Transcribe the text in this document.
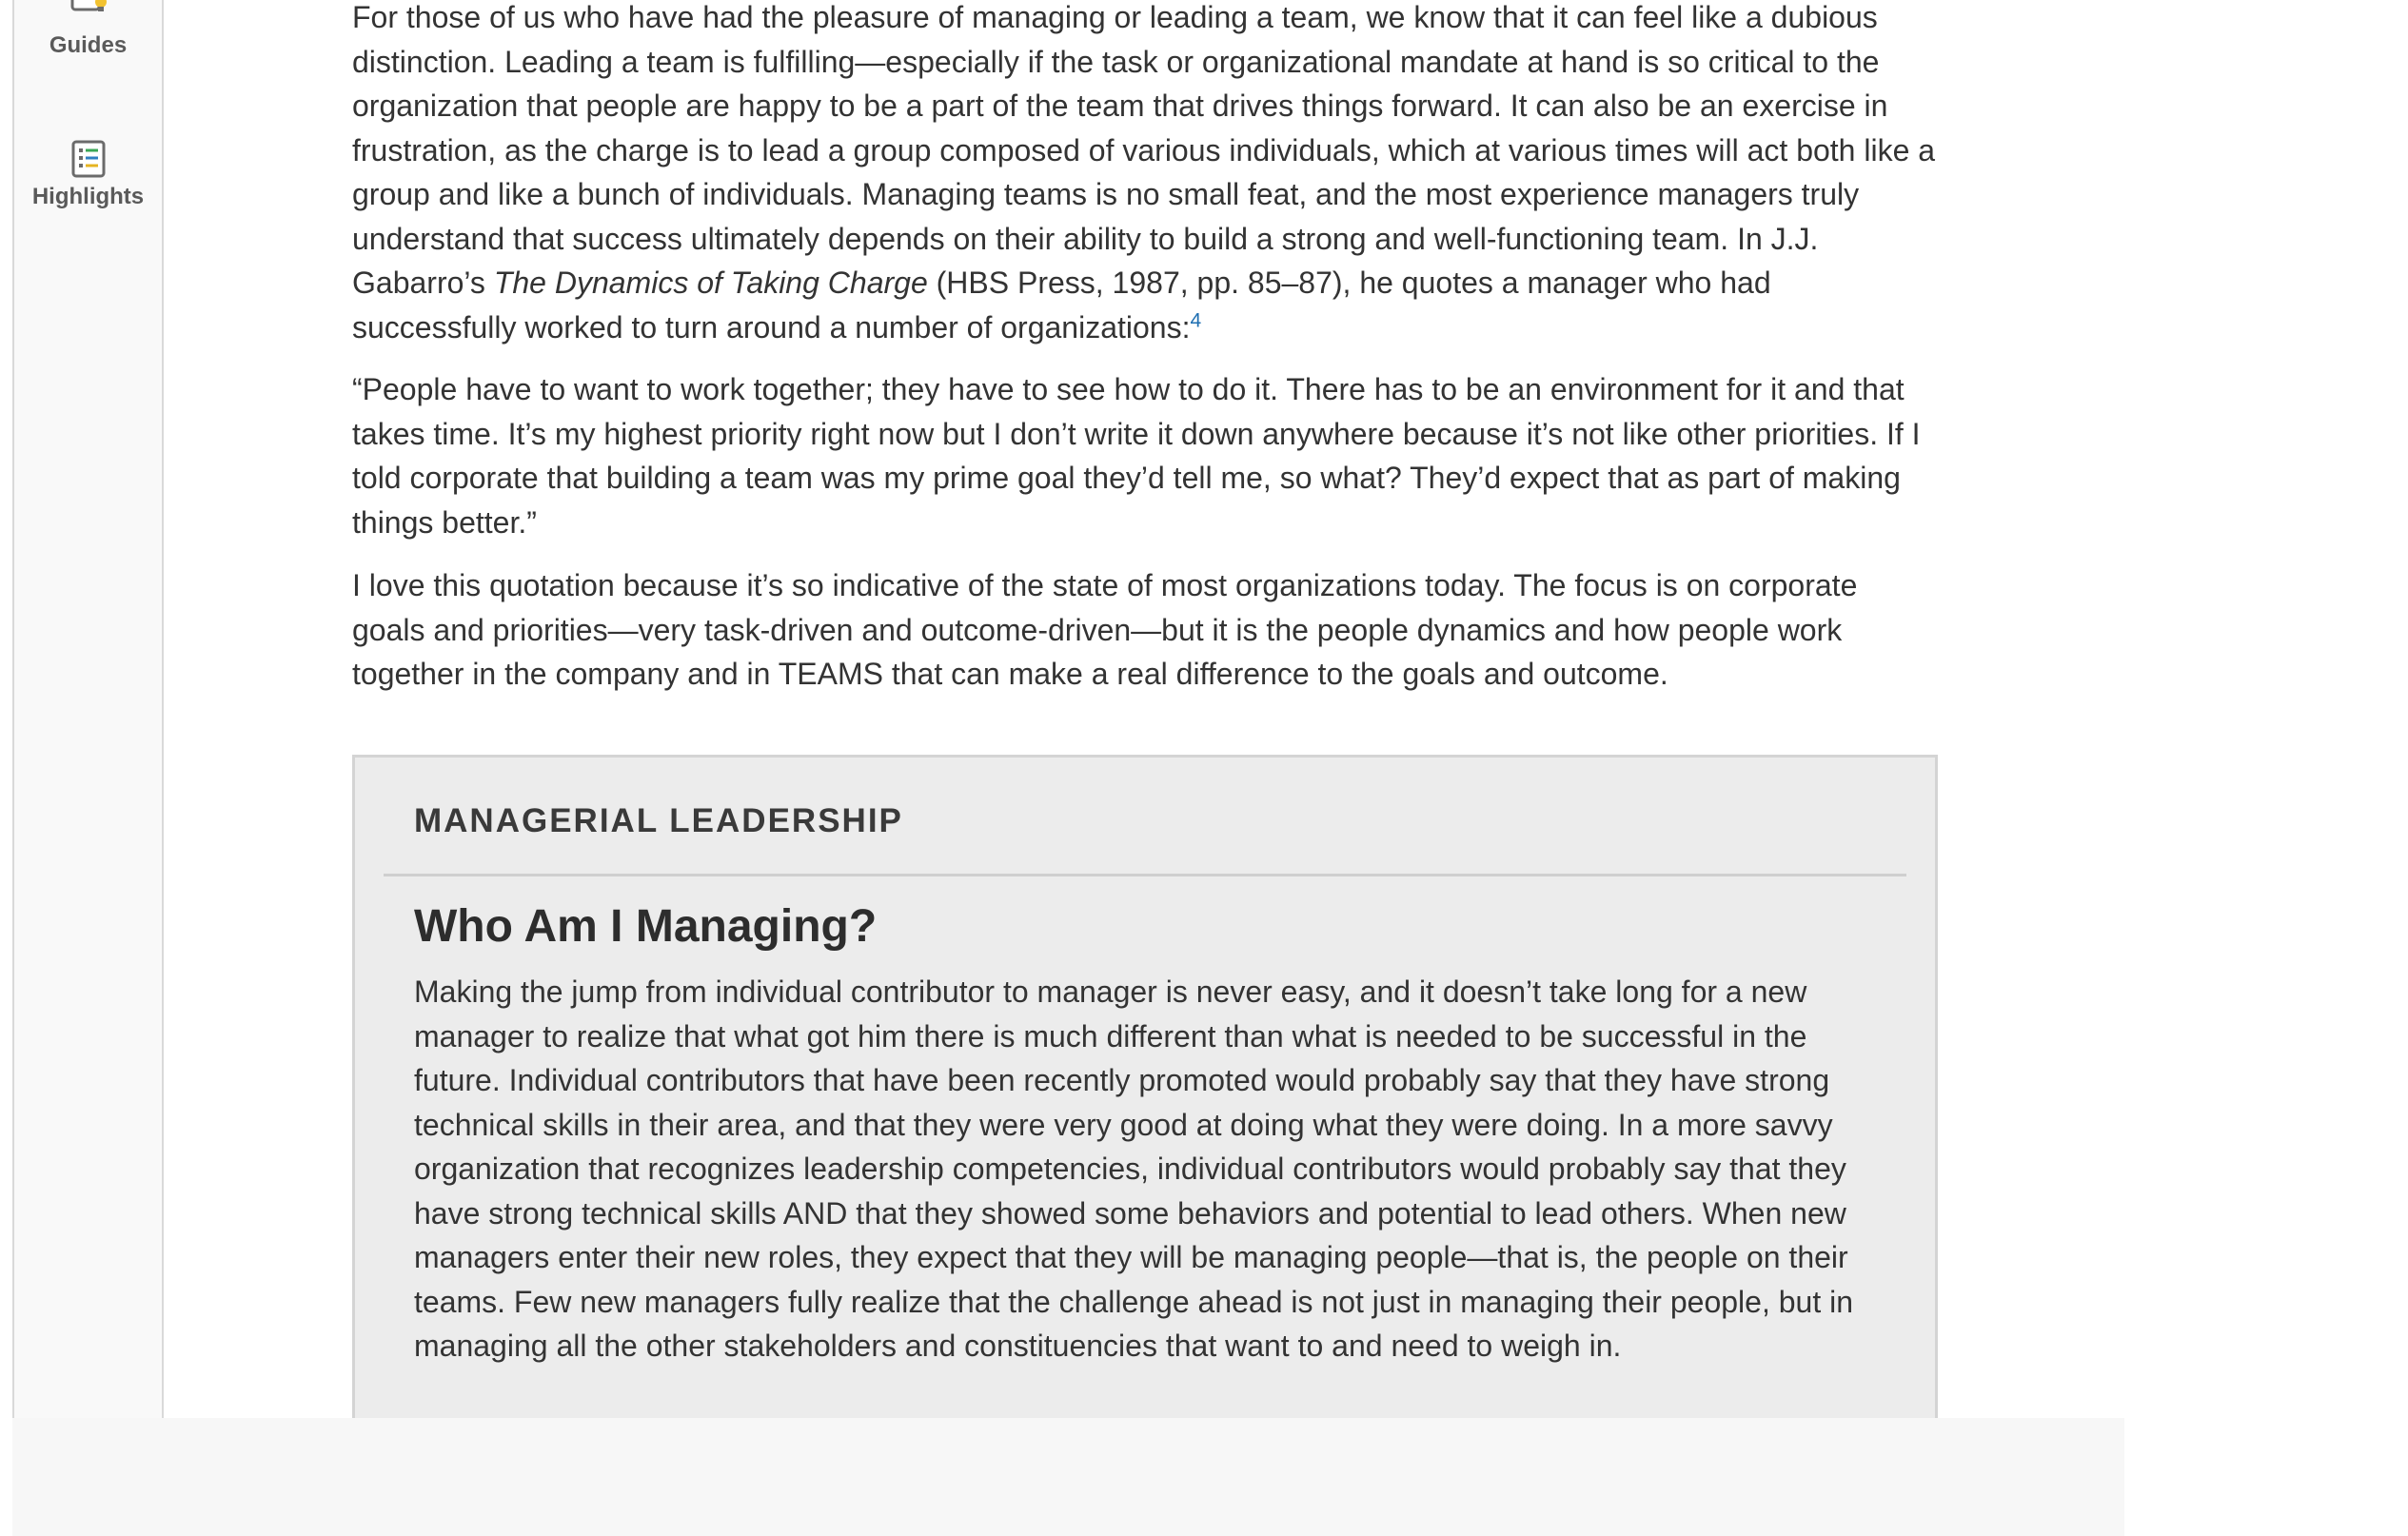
Guides
Highlights

For those of us who have had the pleasure of managing or leading a team, we know that it can feel like a dubious distinction. Leading a team is fulfilling—especially if the task or organizational mandate at hand is so critical to the organization that people are happy to be a part of the team that drives things forward. It can also be an exercise in frustration, as the charge is to lead a group composed of various individuals, which at various times will act both like a group and like a bunch of individuals. Managing teams is no small feat, and the most experience managers truly understand that success ultimately depends on their ability to build a strong and well-functioning team. In J.J. Gabarro’s The Dynamics of Taking Charge (HBS Press, 1987, pp. 85–87), he quotes a manager who had successfully worked to turn around a number of organizations:$^4$

“People have to want to work together; they have to see how to do it. There has to be an environment for it and that takes time. It’s my highest priority right now but I don’t write it down anywhere because it’s not like other priorities. If I told corporate that building a team was my prime goal they’d tell me, so what? They’d expect that as part of making things better.”

I love this quotation because it’s so indicative of the state of most organizations today. The focus is on corporate goals and priorities—very task-driven and outcome-driven—but it is the people dynamics and how people work together in the company and in TEAMS that can make a real difference to the goals and outcome.

MANAGERIAL LEADERSHIP
Who Am I Managing?

Making the jump from individual contributor to manager is never easy, and it doesn’t take long for a new manager to realize that what got him there is much different than what is needed to be successful in the future. Individual contributors that have been recently promoted would probably say that they have strong technical skills in their area, and that they were very good at doing what they were doing. In a more savvy organization that recognizes leadership competencies, individual contributors would probably say that they have strong technical skills AND that they showed some behaviors and potential to lead others. When new managers enter their new roles, they expect that they will be managing people—that is, the people on their teams. Few new managers fully realize that the challenge ahead is not just in managing their people, but in managing all the other stakeholders and constituencies that want to and need to weigh in.
